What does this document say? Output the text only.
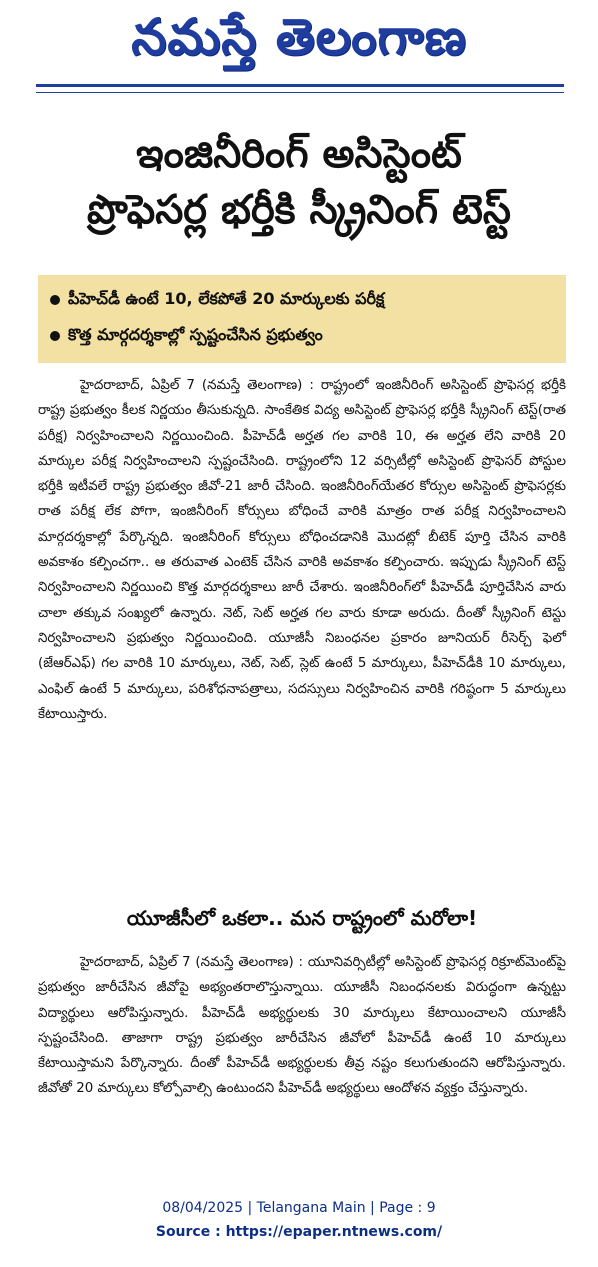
నమస్తే తెలంగాణ
ఇంజినీరింగ్ అసిస్టెంట్
ప్రొఫెసర్ల భర్తీకి స్క్రీనింగ్ టెస్ట్
పీహెచ్‌డీ ఉంటే 10, లేకపోతే 20 మార్కులకు పరీక్ష
కొత్త మార్గదర్శకాల్లో స్పష్టంచేసిన ప్రభుత్వం
హైదరాబాద్, ఏప్రిల్ 7 (నమస్తే తెలంగాణ) : రాష్ట్రంలో ఇంజినీరింగ్ అసిస్టెంట్ ప్రొఫెసర్ల భర్తీకి రాష్ట్ర ప్రభుత్వం కీలక నిర్ణయం తీసుకున్నది. సాంకేతిక విద్య అసిస్టెంట్ ప్రొఫెసర్ల భర్తీకి స్క్రీనింగ్ టెస్ట్(రాత పరీక్ష) నిర్వహించాలని నిర్ణయించింది. పీహెచ్‌డీ అర్హత గల వారికి 10, ఈ అర్హత లేని వారికి 20 మార్కుల పరీక్ష నిర్వహించాలని స్పష్టంచేసింది. రాష్ట్రంలోని 12 వర్సిటీల్లో అసిస్టెంట్ ప్రొఫెసర్ పోస్టుల భర్తీకి ఇటీవలే రాష్ట్ర ప్రభుత్వం జీవో-21 జారీ చేసింది. ఇంజినీరింగ్‌యేతర కోర్సుల అసిస్టెంట్ ప్రొఫెసర్లకు రాత పరీక్ష లేక పోగా, ఇంజినీరింగ్ కోర్సులు బోధించే వారికి మాత్రం రాత పరీక్ష నిర్వహించాలని మార్గదర్శకాల్లో పేర్కొన్నది. ఇంజినీరింగ్ కోర్సులు బోధించడానికి మొదట్లో బీటెక్ పూర్తి చేసిన వారికి అవకాశం కల్పించగా.. ఆ తరువాత ఎంటెక్ చేసిన వారికి అవకాశం కల్పించారు. ఇప్పుడు స్క్రీనింగ్ టెస్ట్ నిర్వహించాలని నిర్ణయించి కొత్త మార్గదర్శకాలు జారీ చేశారు. ఇంజినీరింగ్‌లో పీహెచ్‌డీ పూర్తిచేసిన వారు చాలా తక్కువ సంఖ్యలో ఉన్నారు. నెట్, సెట్ అర్హత గల వారు కూడా అరుదు. దీంతో స్క్రీనింగ్ టెస్టు నిర్వహించాలని ప్రభుత్వం నిర్ణయించింది. యూజీసీ నిబంధనల ప్రకారం జూనియర్ రీసెర్చ్ ఫెలో (జేఆర్ఎఫ్) గల వారికి 10 మార్కులు, నెట్, సెట్, స్లెట్ ఉంటే 5 మార్కులు, పీహెచ్‌డీకి 10 మార్కులు, ఎంఫిల్ ఉంటే 5 మార్కులు, పరిశోధనాపత్రాలు, సదస్సులు నిర్వహించిన వారికి గరిష్ఠంగా 5 మార్కులు కేటాయిస్తారు.
యూజీసీలో ఒకలా.. మన రాష్ట్రంలో మరోలా!
హైదరాబాద్, ఏప్రిల్ 7 (నమస్తే తెలంగాణ) : యూనివర్సిటీల్లో అసిస్టెంట్ ప్రొఫెసర్ల రిక్రూట్‌మెంట్‌పై ప్రభుత్వం జారీచేసిన జీవోపై అభ్యంతరాలొస్తున్నాయి. యూజీసీ నిబంధనలకు విరుద్ధంగా ఉన్నట్టు విద్యార్థులు ఆరోపిస్తున్నారు. పీహెచ్‌డీ అభ్యర్థులకు 30 మార్కులు కేటాయించాలని యూజీసీ స్పష్టంచేసింది. తాజాగా రాష్ట్ర ప్రభుత్వం జారీచేసిన జీవోలో పీహెచ్‌డీ ఉంటే 10 మార్కులు కేటాయిస్తామని పేర్కొన్నారు. దీంతో పీహెచ్‌డీ అభ్యర్థులకు తీవ్ర నష్టం కలుగుతుందని ఆరోపిస్తున్నారు. జీవోతో 20 మార్కులు కోల్పోవాల్సి ఉంటుందని పీహెచ్‌డీ అభ్యర్థులు ఆందోళన వ్యక్తం చేస్తున్నారు.
08/04/2025 | Telangana Main | Page : 9
Source : https://epaper.ntnews.com/
